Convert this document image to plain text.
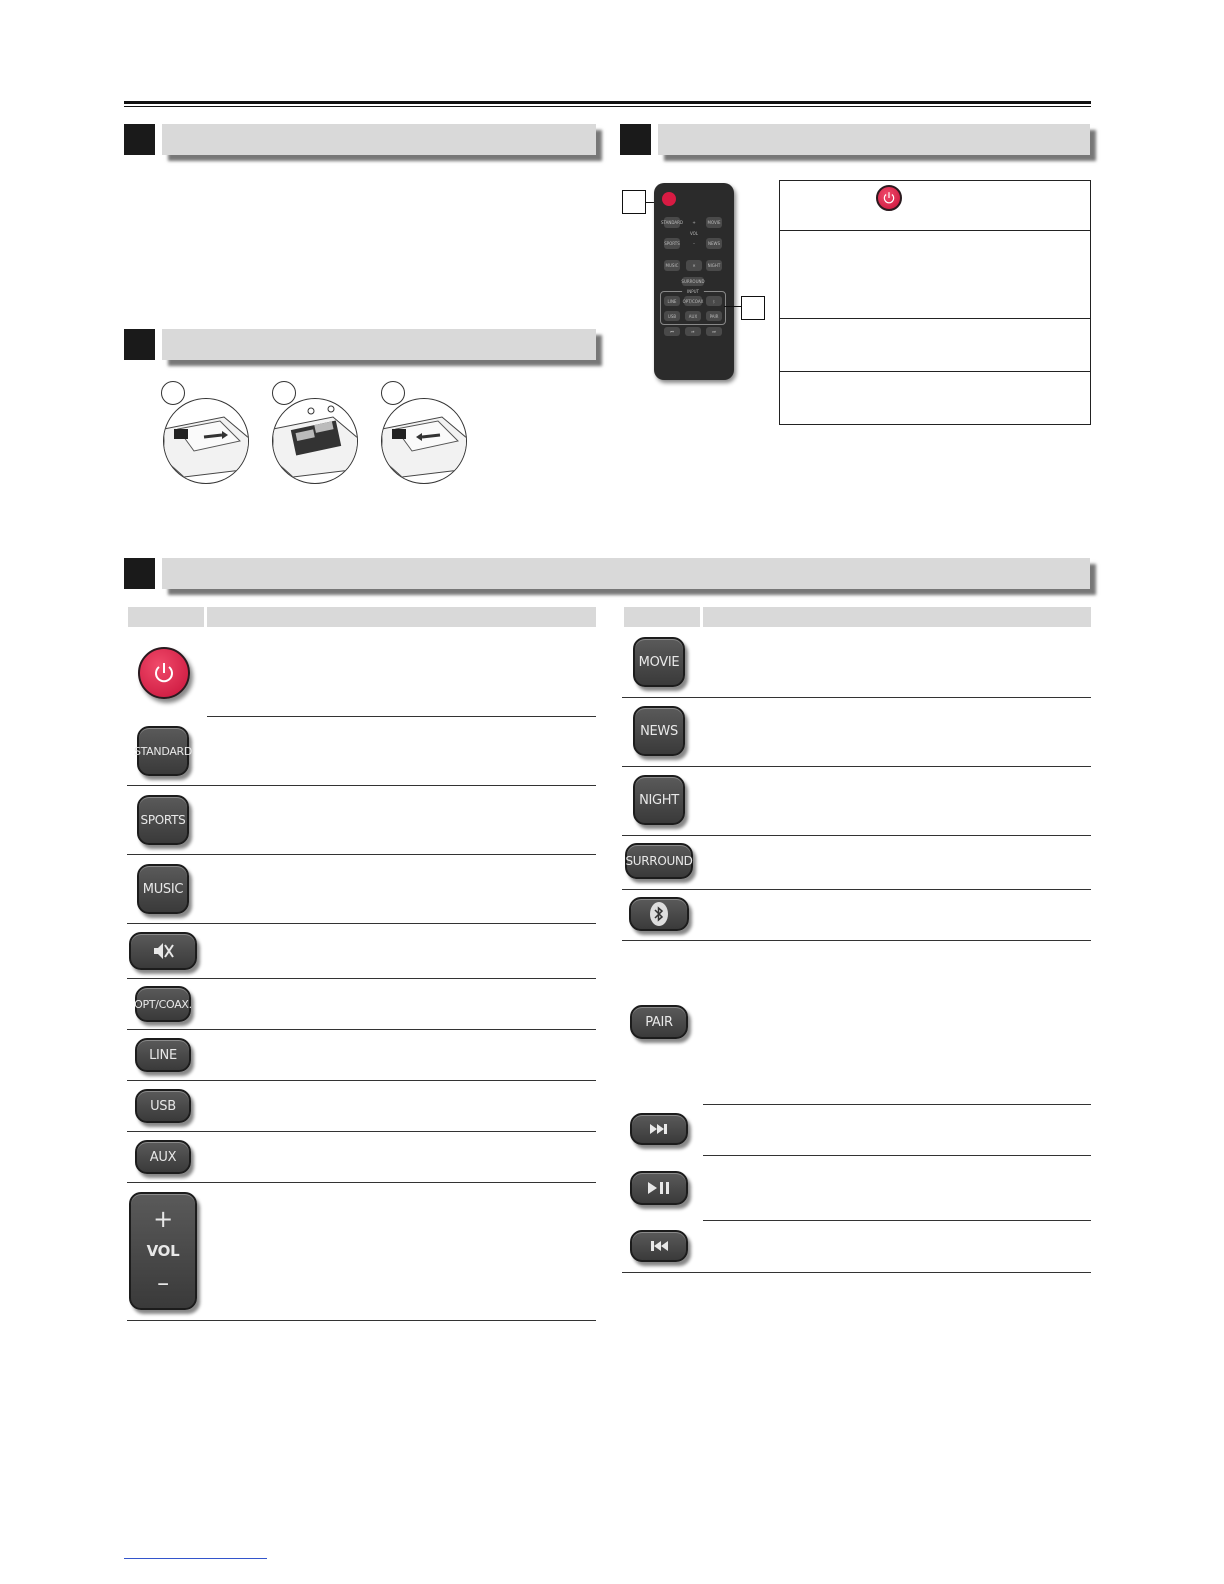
STANDARD	+	MOVIE
VOL
SPORTS	–	NEWS
MUSIC	✕	NIGHT
SURROUND
INPUT
LINE	OPT/COAX	ᛒ
USB	AUX	PAIR
⏮	⏯	⏭
STANDARD
SPORTS
MUSIC
OPT/COAX.
LINE
USB
AUX
+
VOL
–
MOVIE
NEWS
NIGHT
SURROUND
PAIR
